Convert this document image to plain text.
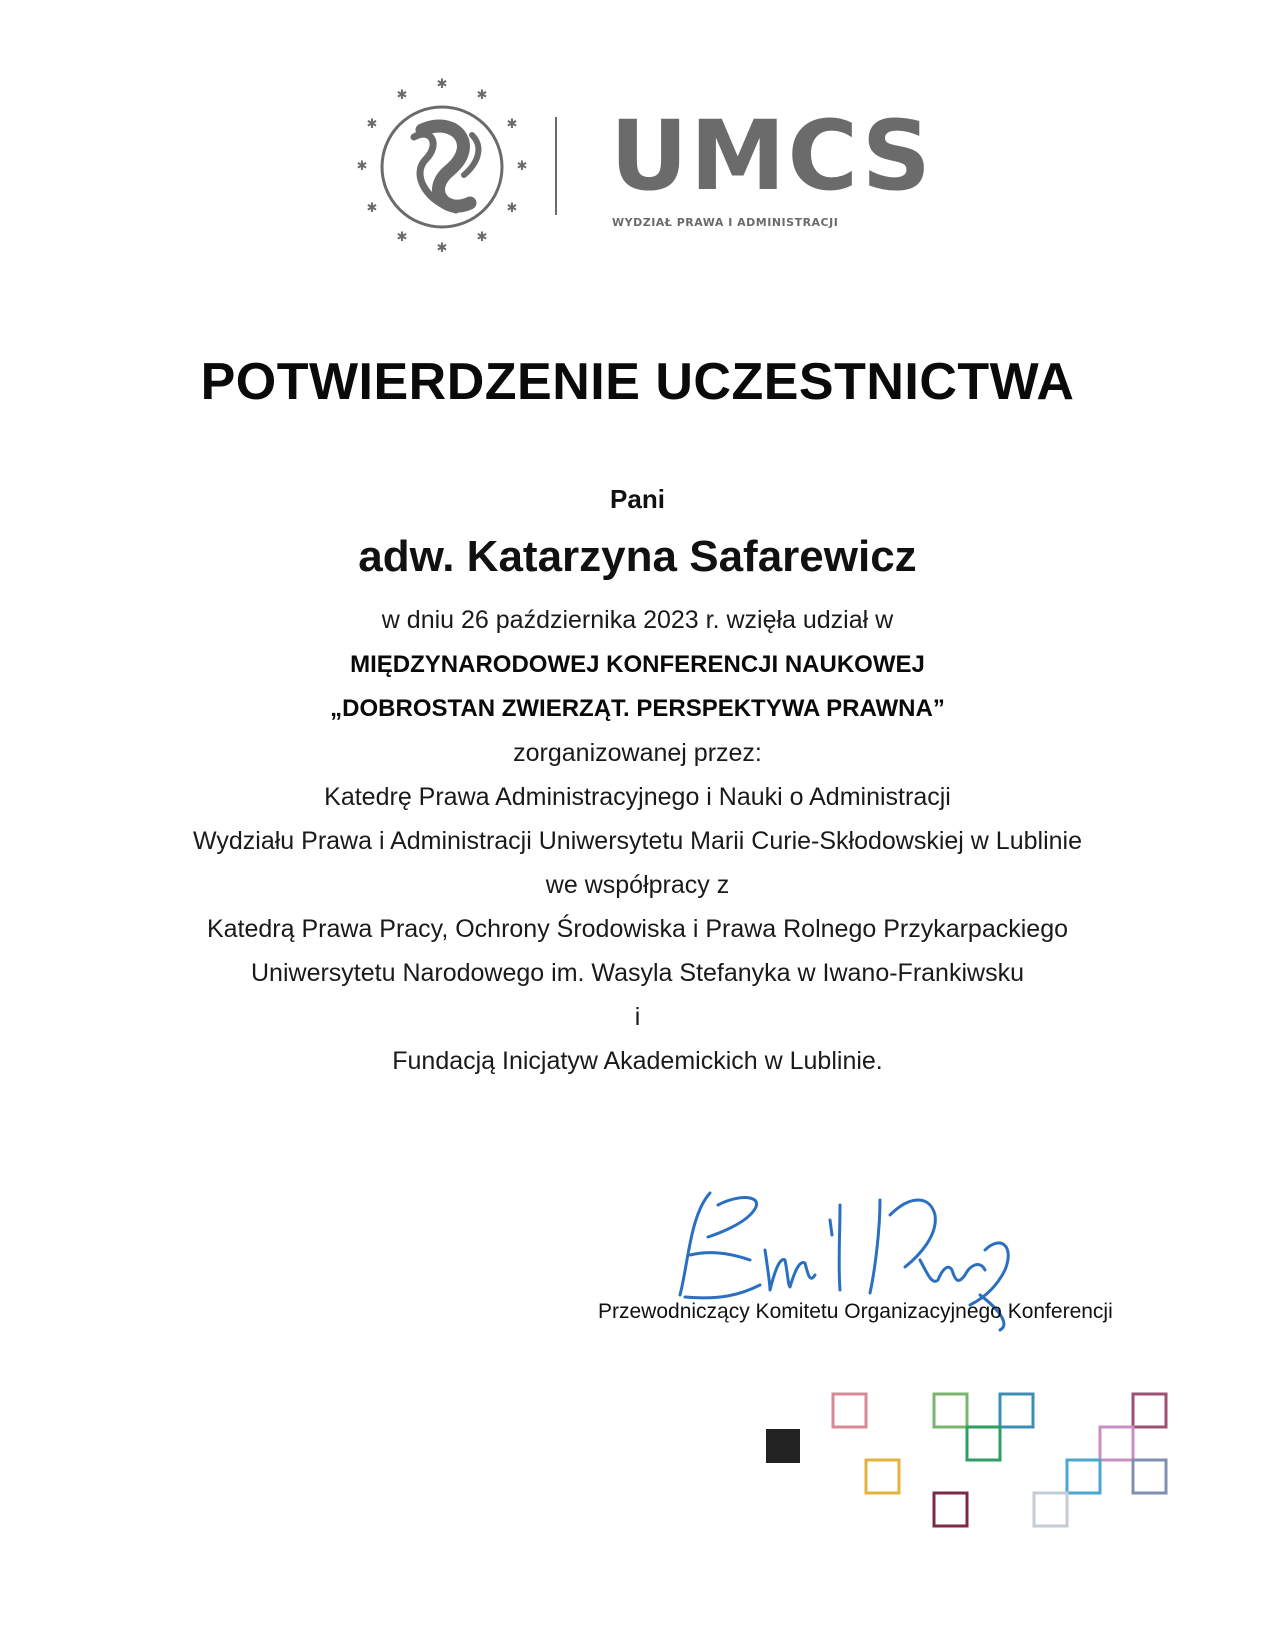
✱
✱
✱
✱
✱
✱
✱
✱
✱
✱
✱
✱
UMCS
WYDZIAŁ PRAWA I ADMINISTRACJI
POTWIERDZENIE UCZESTNICTWA
Pani
adw. Katarzyna Safarewicz
w dniu 26 października 2023 r. wzięła udział w
MIĘDZYNARODOWEJ KONFERENCJI NAUKOWEJ
„DOBROSTAN ZWIERZĄT. PERSPEKTYWA PRAWNA”
zorganizowanej przez:
Katedrę Prawa Administracyjnego i Nauki o Administracji
Wydziału Prawa i Administracji Uniwersytetu Marii Curie-Skłodowskiej w Lublinie
we współpracy z
Katedrą Prawa Pracy, Ochrony Środowiska i Prawa Rolnego Przykarpackiego
Uniwersytetu Narodowego im. Wasyla Stefanyka w Iwano-Frankiwsku
i
Fundacją Inicjatyw Akademickich w Lublinie.
Przewodniczący Komitetu Organizacyjnego Konferencji
